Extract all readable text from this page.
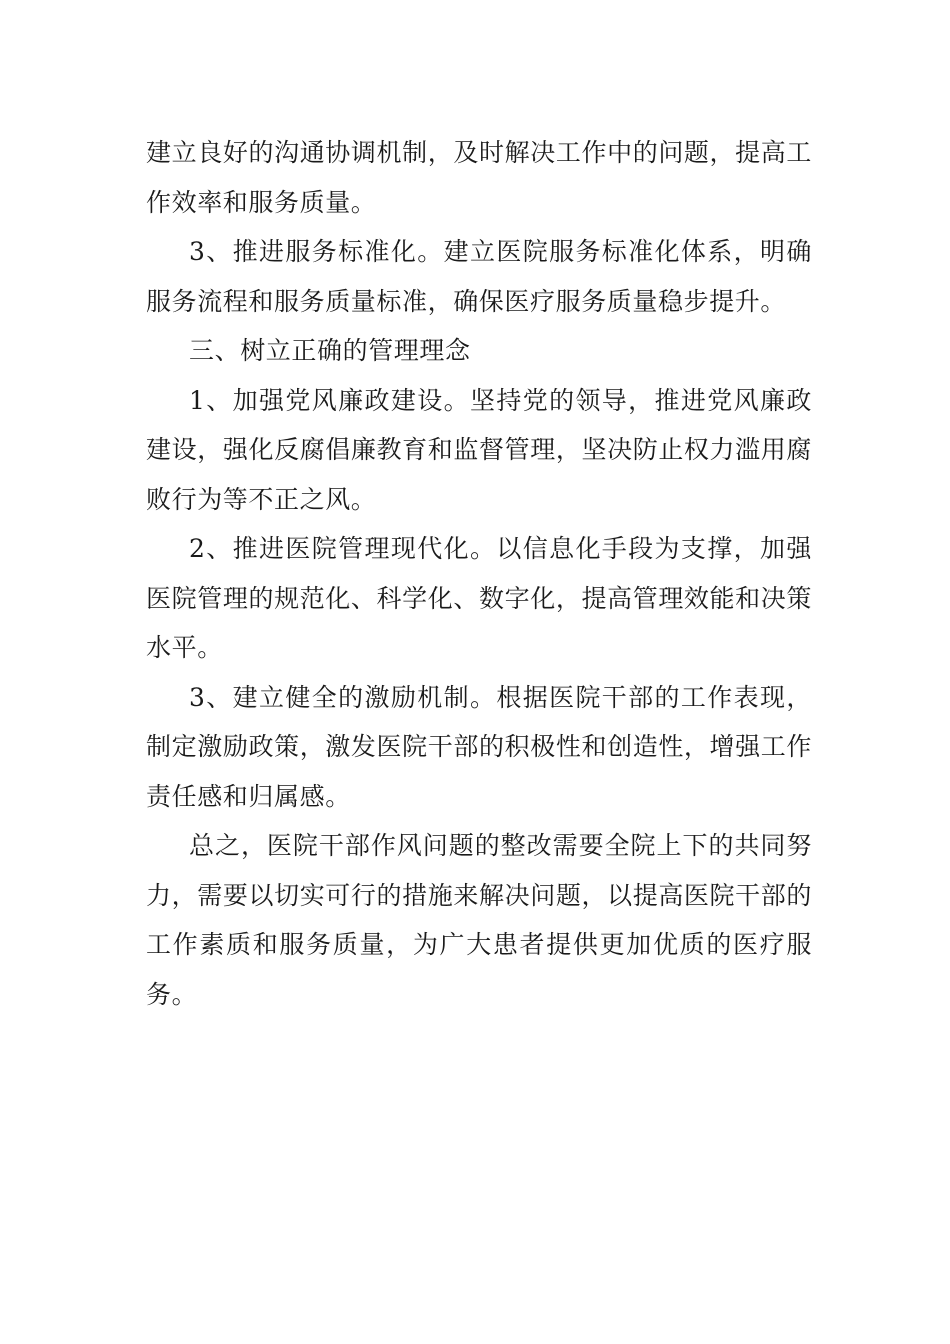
建立良好的沟通协调机制，及时解决工作中的问题，提高工作效率和服务质量。

3、推进服务标准化。建立医院服务标准化体系，明确服务流程和服务质量标准，确保医疗服务质量稳步提升。

三、树立正确的管理理念

1、加强党风廉政建设。坚持党的领导，推进党风廉政建设，强化反腐倡廉教育和监督管理，坚决防止权力滥用腐败行为等不正之风。

2、推进医院管理现代化。以信息化手段为支撑，加强医院管理的规范化、科学化、数字化，提高管理效能和决策水平。

3、建立健全的激励机制。根据医院干部的工作表现，制定激励政策，激发医院干部的积极性和创造性，增强工作责任感和归属感。

总之，医院干部作风问题的整改需要全院上下的共同努力，需要以切实可行的措施来解决问题，以提高医院干部的工作素质和服务质量，为广大患者提供更加优质的医疗服务。
